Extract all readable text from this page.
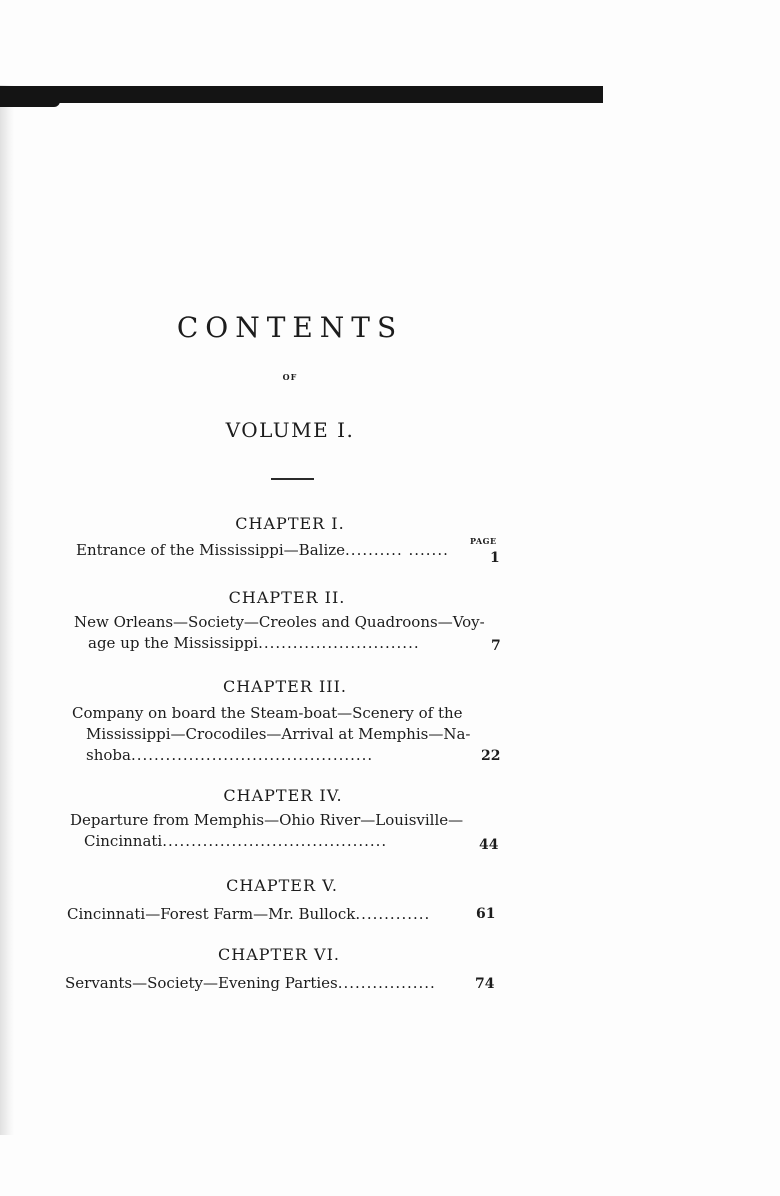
CONTENTS
OF
VOLUME I.
CHAPTER I.
PAGE
Entrance of the Mississippi—Balize.......... .......	1
CHAPTER II.
New Orleans—Society—Creoles and Quadroons—Voy-
age up the Mississippi............................	7
CHAPTER III.
Company on board the Steam-boat—Scenery of the
Mississippi—Crocodiles—Arrival at Memphis—Na-
shoba..........................................	22
CHAPTER IV.
Departure from Memphis—Ohio River—Louisville—
Cincinnati.......................................	44
CHAPTER V.
Cincinnati—Forest Farm—Mr. Bullock.............	61
CHAPTER VI.
Servants—Society—Evening Parties.................	74
